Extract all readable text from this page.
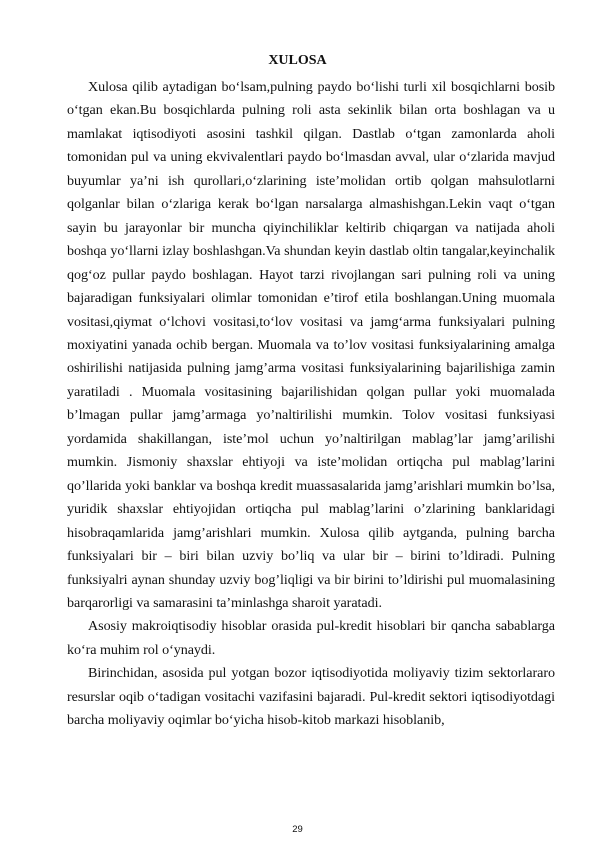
XULOSA

Xulosa qilib aytadigan bo‘lsam,pulning paydo bo‘lishi turli xil bosqichlarni bosib o‘tgan ekan.Bu bosqichlarda pulning roli asta sekinlik bilan orta boshlagan va u mamlakat iqtisodiyoti asosini tashkil qilgan. Dastlab o‘tgan zamonlarda aholi tomonidan pul va uning ekvivalentlari paydo bo‘lmasdan avval, ular o‘zlarida mavjud buyumlar ya’ni ish qurollari,o‘zlarining iste’molidan ortib qolgan mahsulotlarni qolganlar bilan o‘zlariga kerak bo‘lgan narsalarga almashishgan.Lekin vaqt o‘tgan sayin bu jarayonlar bir muncha qiyinchiliklar keltirib chiqargan va natijada aholi boshqa yo‘llarni izlay boshlashgan.Va shundan keyin dastlab oltin tangalar,keyinchalik qog‘oz pullar paydo boshlagan. Hayot tarzi rivojlangan sari pulning roli va uning bajaradigan funksiyalari olimlar tomonidan e’tirof etila boshlangan.Uning muomala vositasi,qiymat o‘lchovi vositasi,to‘lov vositasi va jamg‘arma funksiyalari pulning moxiyatini yanada ochib bergan. Muomala va to’lov vositasi funksiyalarining amalga oshirilishi natijasida pulning jamg’arma vositasi funksiyalarining bajarilishiga zamin yaratiladi . Muomala vositasining bajarilishidan qolgan pullar yoki muomalada b’lmagan pullar jamg’armaga yo’naltirilishi mumkin. Tolov vositasi funksiyasi yordamida shakillangan, iste’mol uchun yo’naltirilgan mablag’lar jamg’arilishi mumkin. Jismoniy shaxslar ehtiyoji va iste’molidan ortiqcha pul mablag’larini qo’llarida yoki banklar va boshqa kredit muassasalarida jamg’arishlari mumkin bo’lsa, yuridik shaxslar ehtiyojidan ortiqcha pul mablag’larini o’zlarining banklaridagi hisobraqamlarida jamg’arishlari mumkin. Xulosa qilib aytganda, pulning barcha funksiyalari bir – biri bilan uzviy bo’liq va ular bir – birini to’ldiradi. Pulning funksiyalri aynan shunday uzviy bog’liqligi va bir birini to’ldirishi pul muomalasining barqarorligi va samarasini ta’minlashga sharoit yaratadi.

Asosiy makroiqtisodiy hisoblar orasida pul-kredit hisoblari bir qancha sabablarga ko‘ra muhim rol o‘ynaydi.

Birinchidan, asosida pul yotgan bozor iqtisodiyotida moliyaviy tizim sektorlararo resurslar oqib o‘tadigan vositachi vazifasini bajaradi. Pul-kredit sektori iqtisodiyotdagi barcha moliyaviy oqimlar bo‘yicha hisob-kitob markazi hisoblanib,

29
